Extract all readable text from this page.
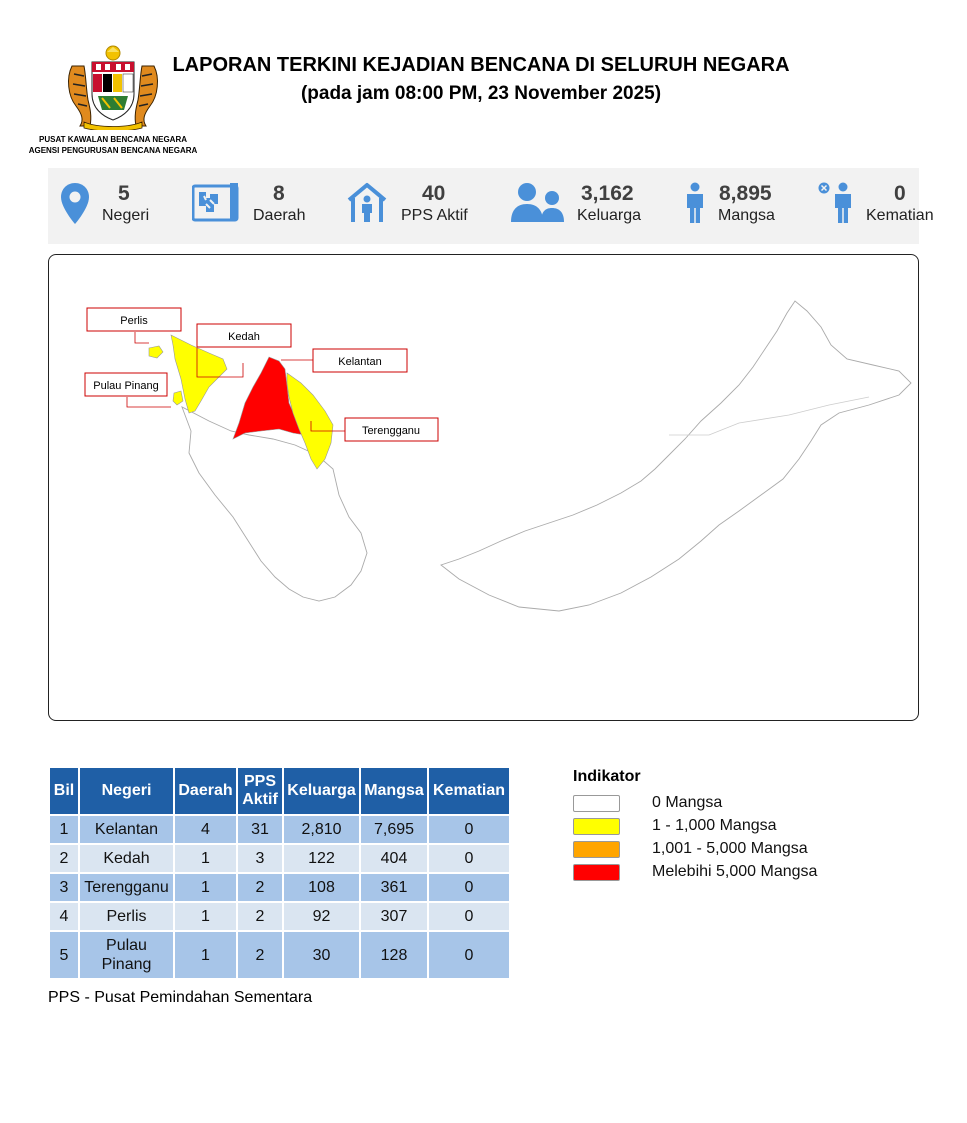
PUSAT KAWALAN BENCANA NEGARA
AGENSI PENGURUSAN BENCANA NEGARA
LAPORAN TERKINI KEJADIAN BENCANA DI SELURUH NEGARA
(pada jam 08:00 PM, 23 November 2025)
5
Negeri
8
Daerah
40
PPS Aktif
3,162
Keluarga
8,895
Mangsa
0
Kematian
Perlis
Kedah
Kelantan
Pulau Pinang
Terengganu
Bil	Negeri	Daerah	PPS Aktif	Keluarga	Mangsa	Kematian
1	Kelantan	4	31	2,810	7,695	0
2	Kedah	1	3	122	404	0
3	Terengganu	1	2	108	361	0
4	Perlis	1	2	92	307	0
5	Pulau Pinang	1	2	30	128	0
PPS - Pusat Pemindahan Sementara
Indikator
0 Mangsa
1 - 1,000 Mangsa
1,001 - 5,000 Mangsa
Melebihi 5,000 Mangsa
